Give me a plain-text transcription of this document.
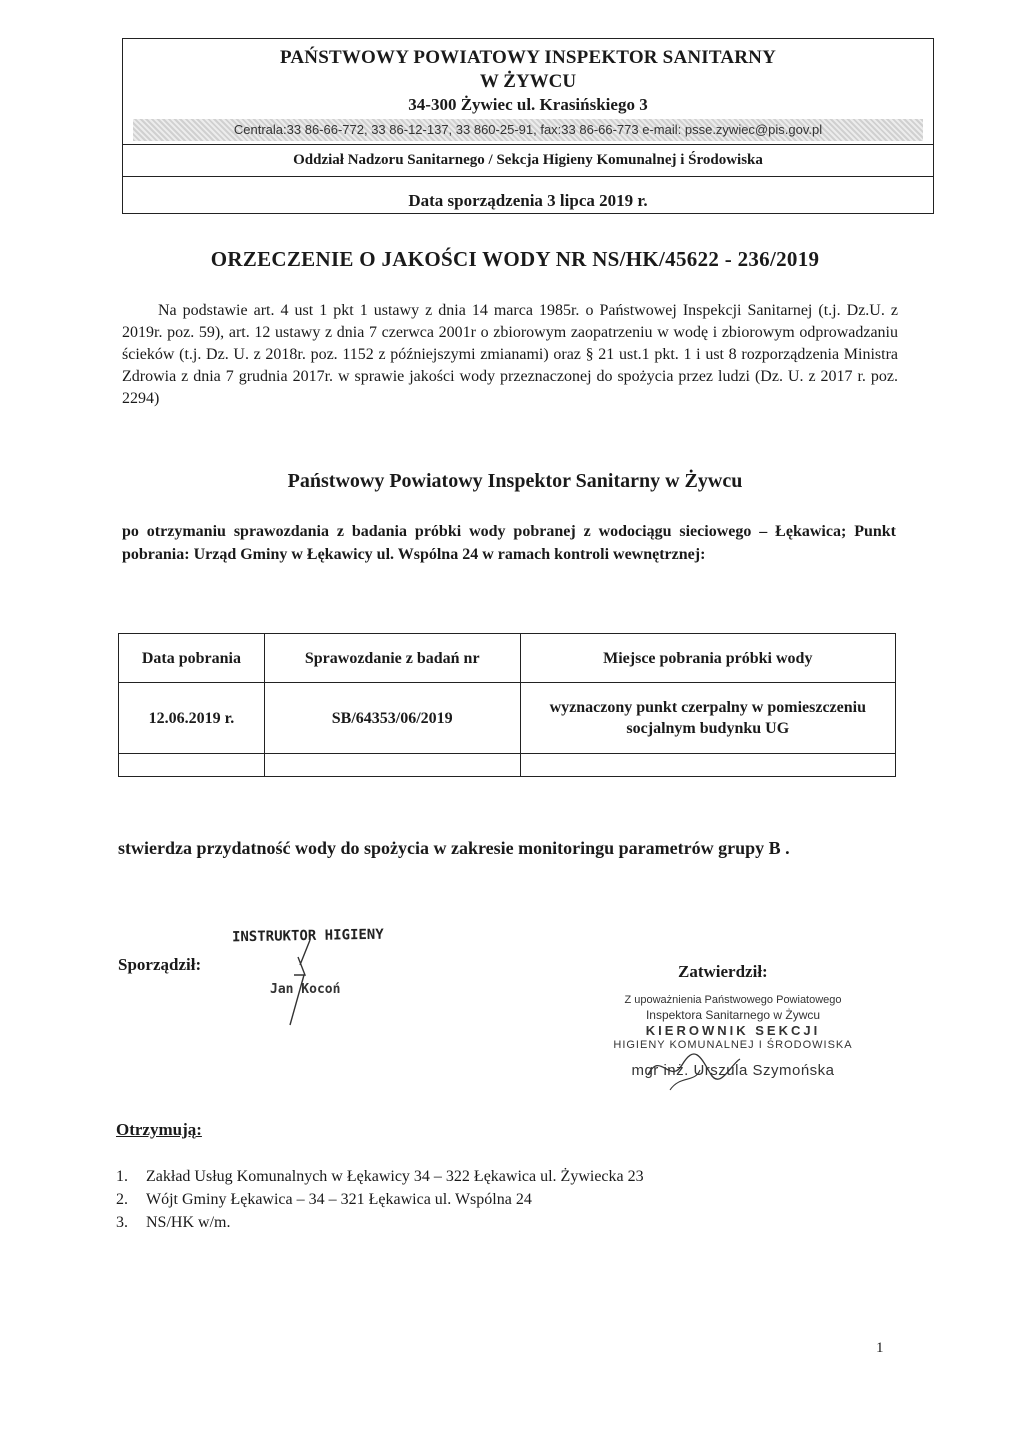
PAŃSTWOWY POWIATOWY INSPEKTOR SANITARNY
W ŻYWCU
34-300 Żywiec ul. Krasińskiego 3
Centrala:33 86-66-772, 33 86-12-137, 33 860-25-91, fax:33 86-66-773 e-mail: psse.zywiec@pis.gov.pl
Oddział Nadzoru Sanitarnego / Sekcja Higieny Komunalnej i Środowiska
Data sporządzenia 3 lipca 2019 r.
ORZECZENIE O JAKOŚCI WODY NR NS/HK/45622 - 236/2019
Na podstawie art. 4 ust 1 pkt 1 ustawy z dnia 14 marca 1985r. o Państwowej Inspekcji Sanitarnej (t.j. Dz.U. z 2019r. poz. 59), art. 12 ustawy z dnia 7 czerwca 2001r o zbiorowym zaopatrzeniu w wodę i zbiorowym odprowadzaniu ścieków (t.j. Dz. U. z 2018r. poz. 1152 z późniejszymi zmianami) oraz § 21 ust.1 pkt. 1 i ust 8 rozporządzenia Ministra Zdrowia z dnia 7 grudnia 2017r. w sprawie jakości wody przeznaczonej do spożycia przez ludzi (Dz. U. z 2017 r. poz. 2294)
Państwowy Powiatowy Inspektor Sanitarny w Żywcu
po otrzymaniu sprawozdania z badania próbki wody pobranej z wodociągu sieciowego – Łękawica; Punkt pobrania: Urząd Gminy w Łękawicy ul. Wspólna 24 w ramach kontroli wewnętrznej:
Data pobrania	Sprawozdanie z badań nr	Miejsce pobrania próbki wody
12.06.2019 r.	SB/64353/06/2019	wyznaczony punkt czerpalny w pomieszczeniu socjalnym budynku UG

stwierdza przydatność wody do spożycia w zakresie monitoringu parametrów grupy B .
Sporządził:
INSTRUKTOR HIGIENY
Jan Kocoń
Zatwierdził:
Z upoważnienia Państwowego Powiatowego
Inspektora Sanitarnego w Żywcu
KIEROWNIK SEKCJI
HIGIENY KOMUNALNEJ I ŚRODOWISKA
mgr inż. Urszula Szymońska
Otrzymują:
1.	Zakład Usług Komunalnych w Łękawicy 34 – 322 Łękawica ul. Żywiecka 23
2.	Wójt Gminy Łękawica – 34 – 321 Łękawica ul. Wspólna 24
3.	NS/HK w/m.
1
